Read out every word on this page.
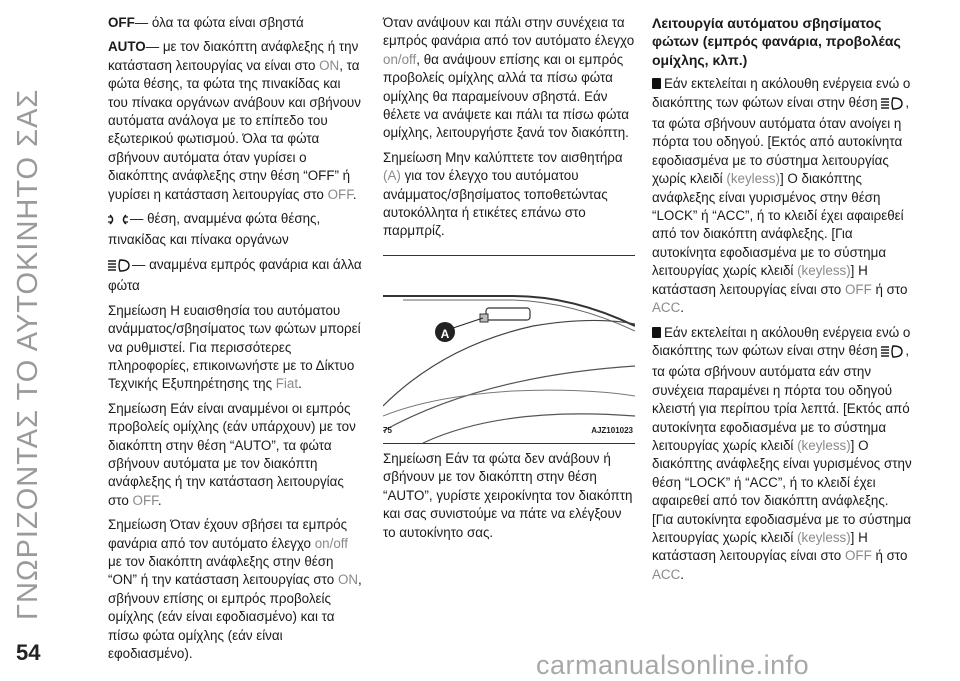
ΓΝΩΡΙΖΟΝΤΑΣ ΤΟ ΑΥΤΟΚΙΝΗΤΟ ΣΑΣ

OFF— όλα τα φώτα είναι σβηστά

AUTO— με τον διακόπτη ανάφλεξης ή την κατάσταση λειτουργίας να είναι στο ON, τα φώτα θέσης, τα φώτα της πινακίδας και του πίνακα οργάνων ανάβουν και σβήνουν αυτόματα ανάλογα με το επίπεδο του εξωτερικού φωτισμού. Όλα τα φώτα σβήνουν αυτόματα όταν γυρίσει ο διακόπτης ανάφλεξης στην θέση “OFF” ή γυρίσει η κατάσταση λειτουργίας στο OFF.

— θέση, αναμμένα φώτα θέσης, πινακίδας και πίνακα οργάνων

— αναμμένα εμπρός φανάρια και άλλα φώτα

Σημείωση Η ευαισθησία του αυτόματου ανάμματος/σβησίματος των φώτων μπορεί να ρυθμιστεί. Για περισσότερες πληροφορίες, επικοινωνήστε με το Δίκτυο Τεχνικής Εξυπηρέτησης της Fiat.

Σημείωση Εάν είναι αναμμένοι οι εμπρός προβολείς ομίχλης (εάν υπάρχουν) με τον διακόπτη στην θέση “AUTO”, τα φώτα σβήνουν αυτόματα με τον διακόπτη ανάφλεξης ή την κατάσταση λειτουργίας στο OFF.

Σημείωση Όταν έχουν σβήσει τα εμπρός φανάρια από τον αυτόματο έλεγχο on/off με τον διακόπτη ανάφλεξης στην θέση “ON” ή την κατάσταση λειτουργίας στο ON, σβήνουν επίσης οι εμπρός προβολείς ομίχλης (εάν είναι εφοδιασμένο) και τα πίσω φώτα ομίχλης (εάν είναι εφοδιασμένο).

Όταν ανάψουν και πάλι στην συνέχεια τα εμπρός φανάρια από τον αυτόματο έλεγχο on/off, θα ανάψουν επίσης και οι εμπρός προβολείς ομίχλης αλλά τα πίσω φώτα ομίχλης θα παραμείνουν σβηστά. Εάν θέλετε να ανάψετε και πάλι τα πίσω φώτα ομίχλης, λειτουργήστε ξανά τον διακόπτη.

Σημείωση Μην καλύπτετε τον αισθητήρα (A) για τον έλεγχο του αυτόματου ανάμματος/σβησίματος τοποθετώντας αυτοκόλλητα ή ετικέτες επάνω στο παρμπρίζ.

A
75	AJZ101023

Σημείωση Εάν τα φώτα δεν ανάβουν ή σβήνουν με τον διακόπτη στην θέση “AUTO”, γυρίστε χειροκίνητα τον διακόπτη και σας συνιστούμε να πάτε να ελέγξουν το αυτοκίνητο σας.

Λειτουργία αυτόματου σβησίματος φώτων (εμπρός φανάρια, προβολέας ομίχλης, κλπ.)

Εάν εκτελείται η ακόλουθη ενέργεια ενώ ο διακόπτης των φώτων είναι στην θέση , τα φώτα σβήνουν αυτόματα όταν ανοίγει η πόρτα του οδηγού. [Εκτός από αυτοκίνητα εφοδιασμένα με το σύστημα λειτουργίας χωρίς κλειδί (keyless)] Ο διακόπτης ανάφλεξης είναι γυρισμένος στην θέση “LOCK” ή “ACC”, ή το κλειδί έχει αφαιρεθεί από τον διακόπτη ανάφλεξης. [Για αυτοκίνητα εφοδιασμένα με το σύστημα λειτουργίας χωρίς κλειδί (keyless)] Η κατάσταση λειτουργίας είναι στο OFF ή στο ACC.

Εάν εκτελείται η ακόλουθη ενέργεια ενώ ο διακόπτης των φώτων είναι στην θέση , τα φώτα σβήνουν αυτόματα εάν στην συνέχεια παραμένει η πόρτα του οδηγού κλειστή για περίπου τρία λεπτά. [Εκτός από αυτοκίνητα εφοδιασμένα με το σύστημα λειτουργίας χωρίς κλειδί (keyless)] Ο διακόπτης ανάφλεξης είναι γυρισμένος στην θέση “LOCK” ή “ACC”, ή το κλειδί έχει αφαιρεθεί από τον διακόπτη ανάφλεξης. [Για αυτοκίνητα εφοδιασμένα με το σύστημα λειτουργίας χωρίς κλειδί (keyless)] Η κατάσταση λειτουργίας είναι στο OFF ή στο ACC.

54	carmanualsonline.info
